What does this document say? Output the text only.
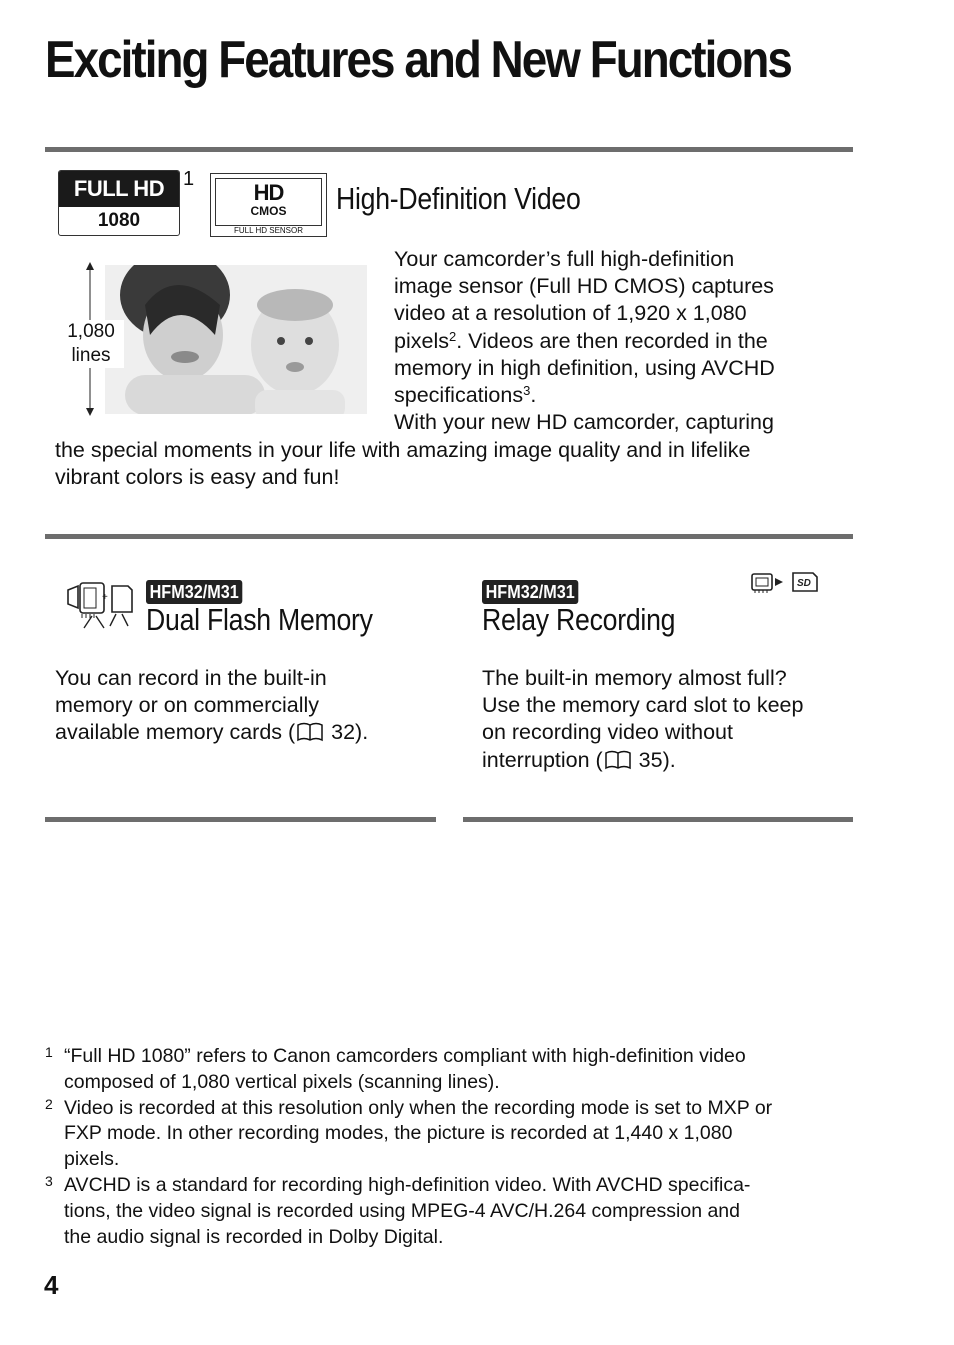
Exciting Features and New Functions
FULL HD
1080
1
HD
CMOS
FULL HD SENSOR
High-Definition Video
1,080
lines
Your camcorder’s full high-definition
image sensor (Full HD CMOS) captures
video at a resolution of 1,920 x 1,080
pixels$^2$. Videos are then recorded in the
memory in high definition, using AVCHD
specifications$^3$.
With your new HD camcorder, capturing
the special moments in your life with amazing image quality and in lifelike
vibrant colors is easy and fun!
+ HFM32/M31
Dual Flash Memory
You can record in the built-in
memory or on commercially
available memory cards ( 32).
HFM32/M31	SD
Relay Recording
The built-in memory almost full?
Use the memory card slot to keep
on recording video without
interruption ( 35).
1 “Full HD 1080” refers to Canon camcorders compliant with high-definition video
composed of 1,080 vertical pixels (scanning lines).
2 Video is recorded at this resolution only when the recording mode is set to MXP or
FXP mode. In other recording modes, the picture is recorded at 1,440 x 1,080
pixels.
3 AVCHD is a standard for recording high-definition video. With AVCHD specifica-
tions, the video signal is recorded using MPEG-4 AVC/H.264 compression and
the audio signal is recorded in Dolby Digital.
4
